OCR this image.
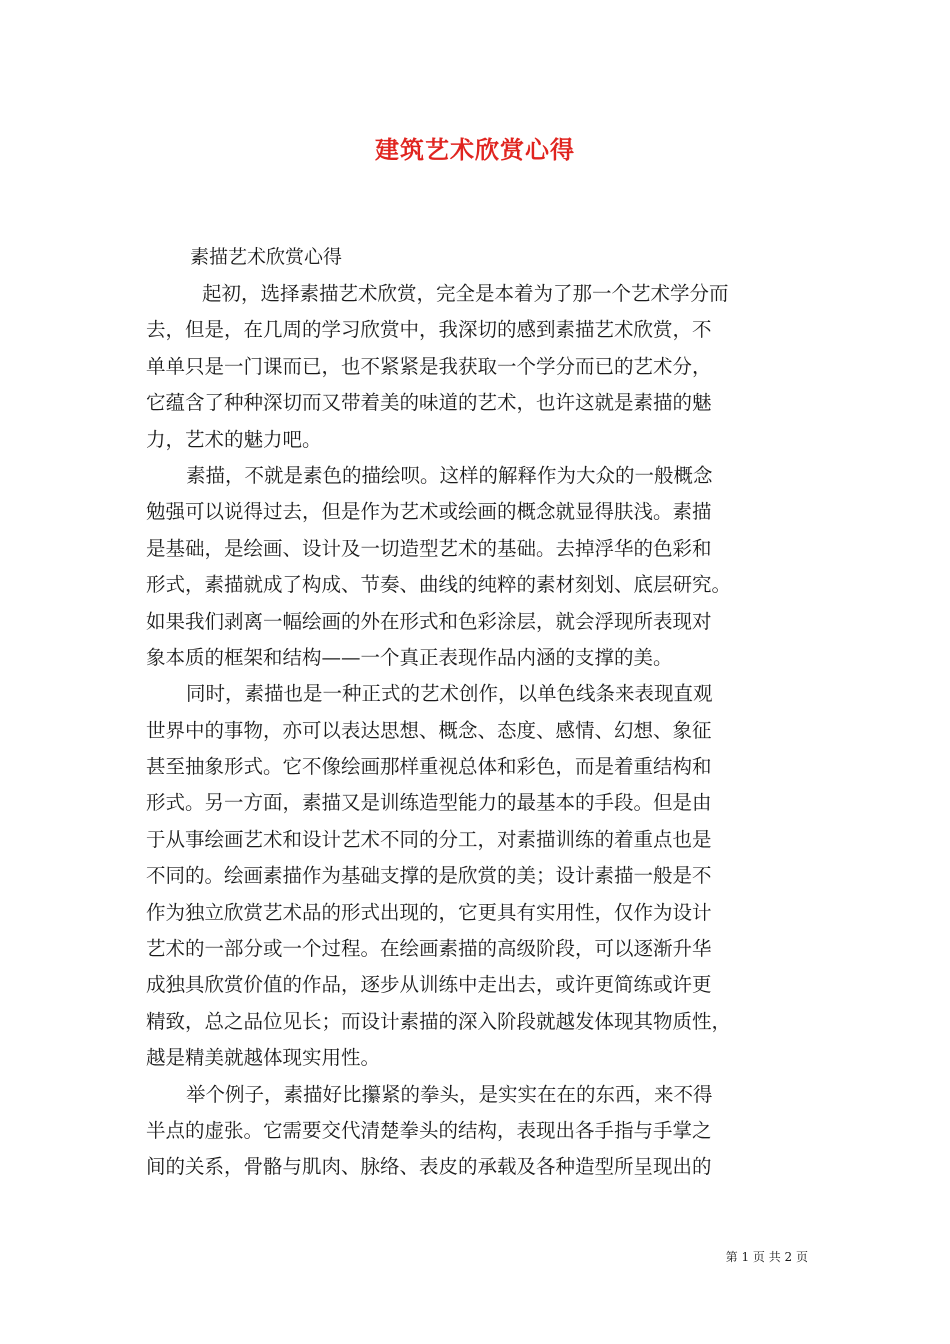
建筑艺术欣赏心得
素描艺术欣赏心得

起初，选择素描艺术欣赏，完全是本着为了那一个艺术学分而
去，但是，在几周的学习欣赏中，我深切的感到素描艺术欣赏，不
单单只是一门课而已，也不紧紧是我获取一个学分而已的艺术分，
它蕴含了种种深切而又带着美的味道的艺术，也许这就是素描的魅
力，艺术的魅力吧。

素描，不就是素色的描绘呗。这样的解释作为大众的一般概念
勉强可以说得过去，但是作为艺术或绘画的概念就显得肤浅。素描
是基础，是绘画、设计及一切造型艺术的基础。去掉浮华的色彩和
形式，素描就成了构成、节奏、曲线的纯粹的素材刻划、底层研究。
如果我们剥离一幅绘画的外在形式和色彩涂层，就会浮现所表现对
象本质的框架和结构——一个真正表现作品内涵的支撑的美。

同时，素描也是一种正式的艺术创作，以单色线条来表现直观
世界中的事物，亦可以表达思想、概念、态度、感情、幻想、象征
甚至抽象形式。它不像绘画那样重视总体和彩色，而是着重结构和
形式。另一方面，素描又是训练造型能力的最基本的手段。但是由
于从事绘画艺术和设计艺术不同的分工，对素描训练的着重点也是
不同的。绘画素描作为基础支撑的是欣赏的美；设计素描一般是不
作为独立欣赏艺术品的形式出现的，它更具有实用性，仅作为设计
艺术的一部分或一个过程。在绘画素描的高级阶段，可以逐渐升华
成独具欣赏价值的作品，逐步从训练中走出去，或许更简练或许更
精致，总之品位见长；而设计素描的深入阶段就越发体现其物质性，
越是精美就越体现实用性。

举个例子，素描好比攥紧的拳头，是实实在在的东西，来不得
半点的虚张。它需要交代清楚拳头的结构，表现出各手指与手掌之
间的关系，骨骼与肌肉、脉络、表皮的承载及各种造型所呈现出的

第 1 页 共 2 页
